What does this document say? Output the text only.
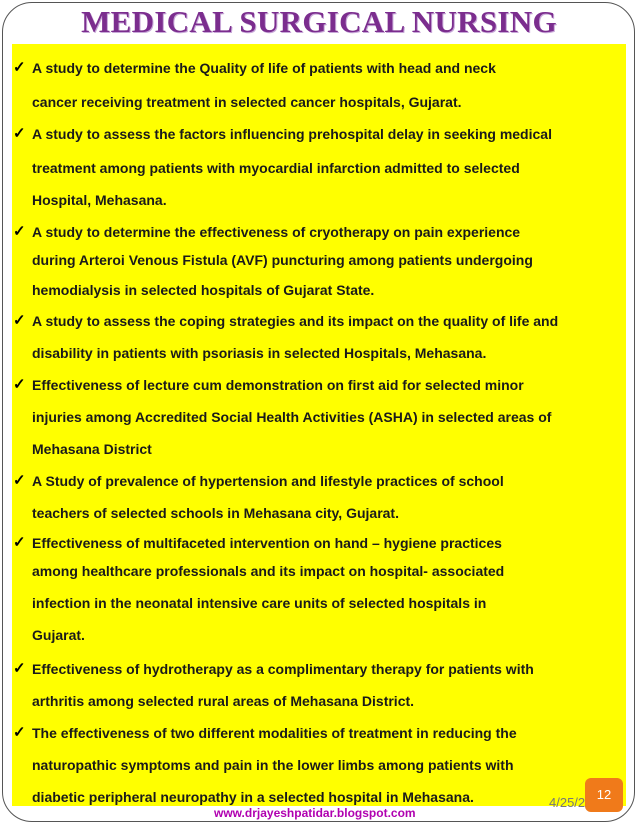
MEDICAL SURGICAL NURSING
✓ A study to determine the Quality of life of patients with head and neck
cancer receiving treatment in selected cancer hospitals, Gujarat.
✓ A study to assess the factors influencing prehospital delay in seeking medical
treatment among patients with myocardial infarction admitted to selected
Hospital, Mehasana.
✓ A study to determine the effectiveness of cryotherapy on pain experience
during Arteroi Venous Fistula (AVF) puncturing among patients undergoing
hemodialysis in selected hospitals of Gujarat State.
✓ A study to assess the coping strategies and its impact on the quality of life and
disability in patients with psoriasis in selected Hospitals, Mehasana.
✓ Effectiveness of lecture cum demonstration on first aid for selected minor
injuries among Accredited Social Health Activities (ASHA) in selected areas of
Mehasana District
✓ A Study of prevalence of hypertension and lifestyle practices of school
teachers of selected schools in Mehasana city, Gujarat.
✓ Effectiveness of multifaceted intervention on hand – hygiene practices
among healthcare professionals and its impact on hospital- associated
infection in the neonatal intensive care units of selected hospitals in
Gujarat.
✓ Effectiveness of hydrotherapy as a complimentary therapy for patients with
arthritis among selected rural areas of Mehasana District.
✓ The effectiveness of two different modalities of treatment in reducing the
naturopathic symptoms and pain in the lower limbs among patients with
diabetic peripheral neuropathy in a selected hospital in Mehasana.	4/25/2
12
www.drjayeshpatidar.blogspot.com
